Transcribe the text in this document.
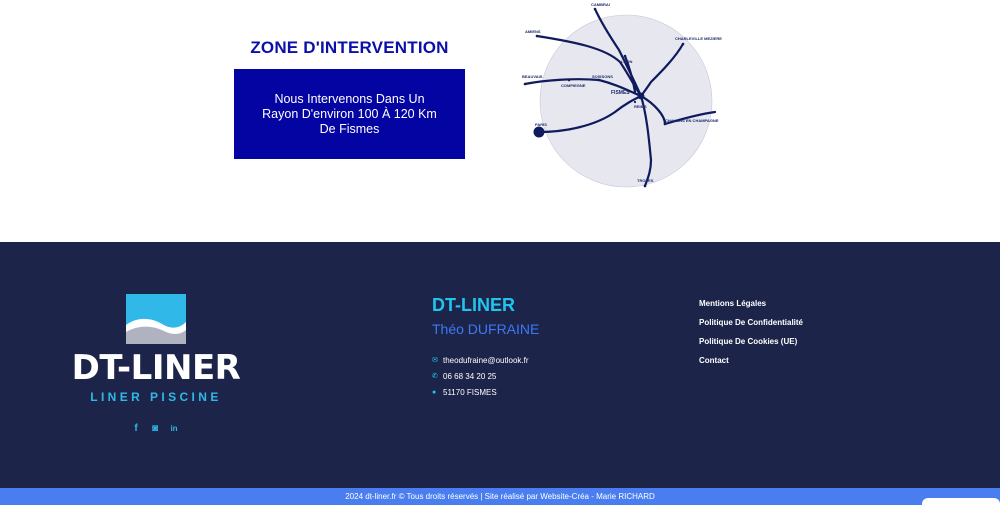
ZONE D'INTERVENTION

Nous Intervenons Dans Un Rayon D'environ 100 À 120 Km De Fismes

CAMBRAI
AMIENS
CHARLEVILLE MEZIERE
LAON
BEAUVAIS	SOISSONS
COMPIEGNE
FISMES
REIMS
PARIS
CHALONS EN CHAMPAGNE
TROYES
DT-LINER
LINER PISCINE
f	◙ in
DT-LINER
Théo DUFRAINE
✉ theodufraine@outlook.fr
✆ 06 68 34 20 25
● 51170 FISMES
Mentions Légales
Politique De Confidentialité
Politique De Cookies (UE)
Contact
2024 dt-liner.fr © Tous droits réservés | Site réalisé par Website-Créa - Marie RICHARD
